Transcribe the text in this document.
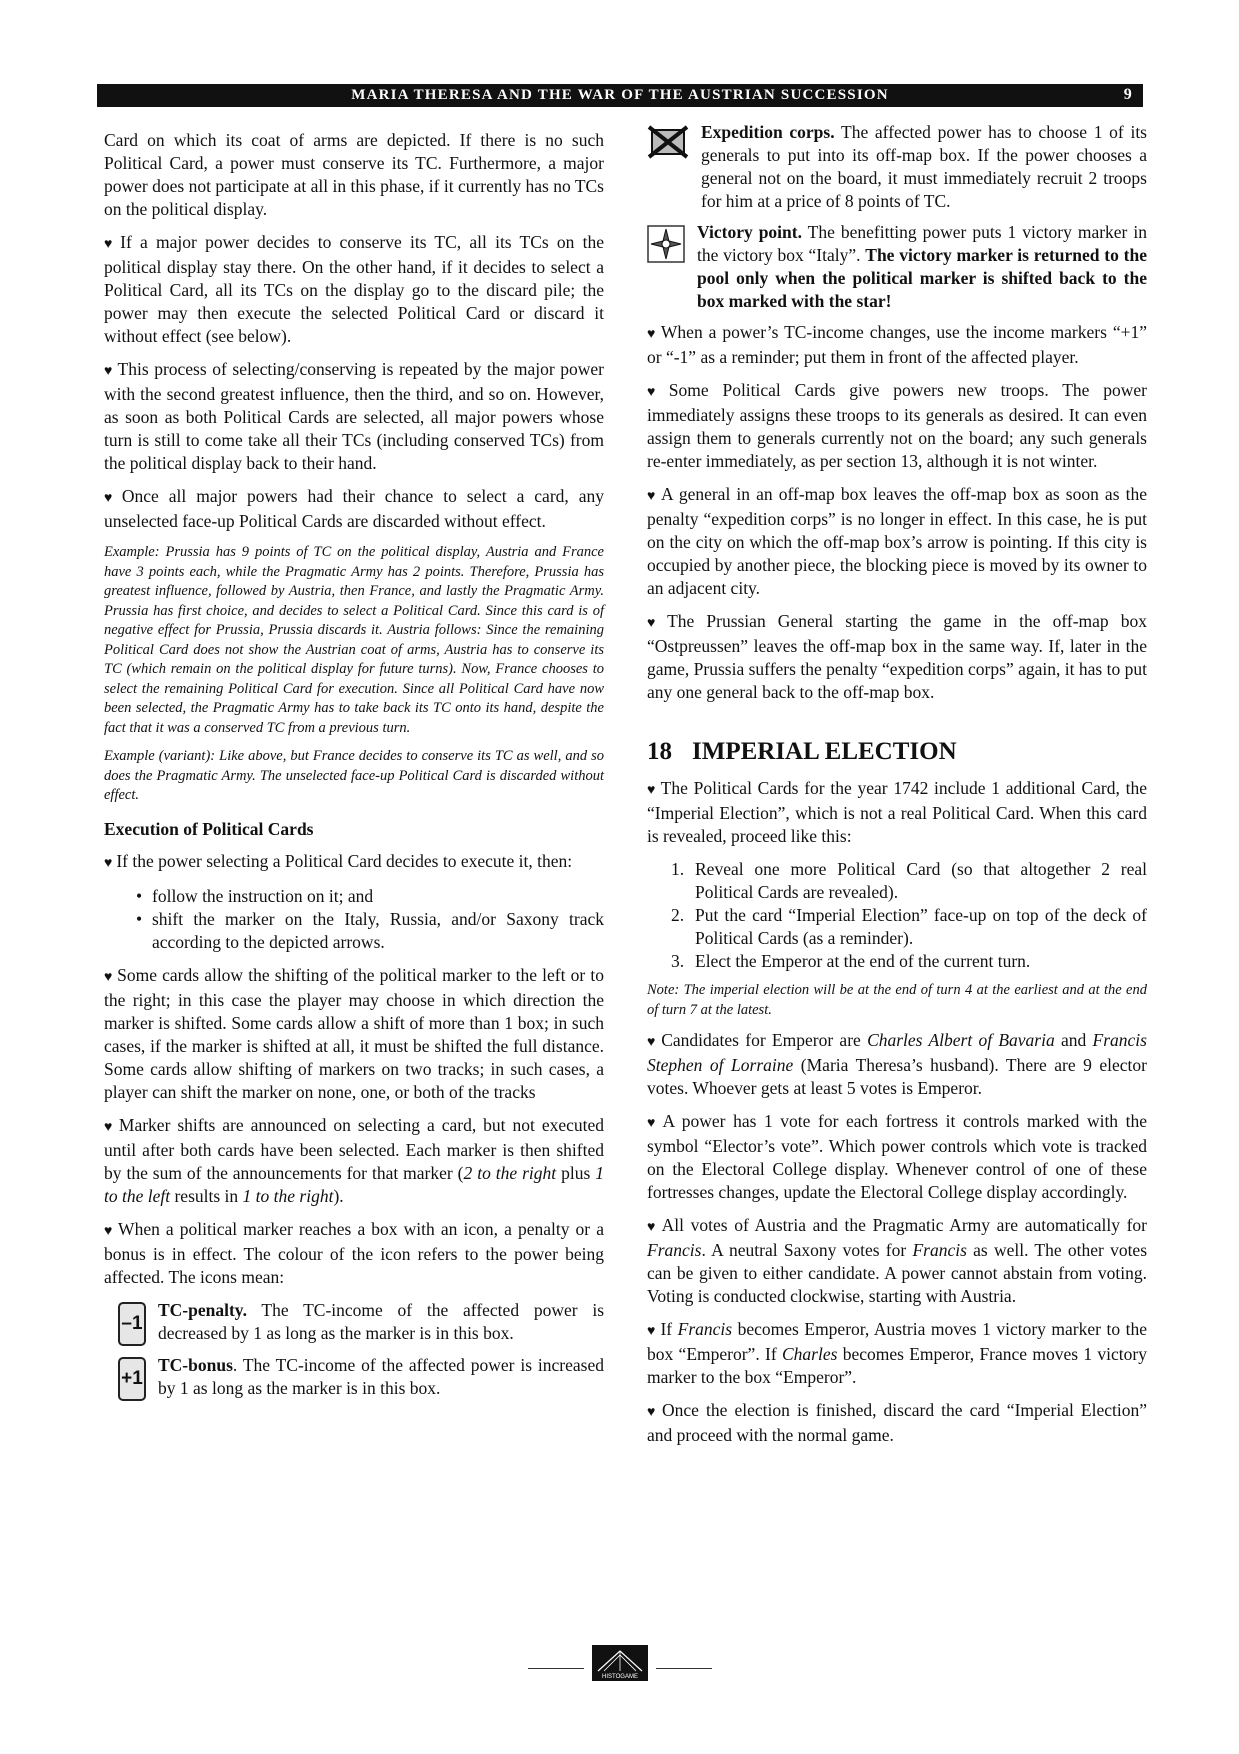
MARIA THERESA AND THE WAR OF THE AUSTRIAN SUCCESSION	9

Card on which its coat of arms are depicted. If there is no such Political Card, a power must conserve its TC. Furthermore, a major power does not participate at all in this phase, if it currently has no TCs on the political display.

♥ If a major power decides to conserve its TC, all its TCs on the political display stay there. On the other hand, if it decides to select a Political Card, all its TCs on the display go to the discard pile; the power may then execute the selected Political Card or discard it without effect (see below).

♥ This process of selecting/conserving is repeated by the major power with the second greatest influence, then the third, and so on. However, as soon as both Political Cards are selected, all major powers whose turn is still to come take all their TCs (including conserved TCs) from the political display back to their hand.

♥ Once all major powers had their chance to select a card, any unselected face-up Political Cards are discarded without effect.

Example: Prussia has 9 points of TC on the political display, Austria and France have 3 points each, while the Pragmatic Army has 2 points. Therefore, Prussia has greatest influence, followed by Austria, then France, and lastly the Pragmatic Army. Prussia has first choice, and decides to select a Political Card. Since this card is of negative effect for Prussia, Prussia discards it. Austria follows: Since the remaining Political Card does not show the Austrian coat of arms, Austria has to conserve its TC (which remain on the political display for future turns). Now, France chooses to select the remaining Political Card for execution. Since all Political Card have now been selected, the Pragmatic Army has to take back its TC onto its hand, despite the fact that it was a conserved TC from a previous turn.
Example (variant): Like above, but France decides to conserve its TC as well, and so does the Pragmatic Army. The unselected face-up Political Card is discarded without effect.
Execution of Political Cards

♥ If the power selecting a Political Card decides to execute it, then:

• follow the instruction on it; and
• shift the marker on the Italy, Russia, and/or Saxony track according to the depicted arrows.

♥ Some cards allow the shifting of the political marker to the left or to the right; in this case the player may choose in which direction the marker is shifted. Some cards allow a shift of more than 1 box; in such cases, if the marker is shifted at all, it must be shifted the full distance. Some cards allow shifting of markers on two tracks; in such cases, a player can shift the marker on none, one, or both of the tracks

♥ Marker shifts are announced on selecting a card, but not executed until after both cards have been selected. Each marker is then shifted by the sum of the announcements for that marker (2 to the right plus 1 to the left results in 1 to the right).

♥ When a political marker reaches a box with an icon, a penalty or a bonus is in effect. The colour of the icon refers to the power being affected. The icons mean:

–1
TC-penalty. The TC-income of the affected power is decreased by 1 as long as the marker is in this box.
+1
TC-bonus. The TC-income of the affected power is increased by 1 as long as the marker is in this box.
Expedition corps. The affected power has to choose 1 of its generals to put into its off-map box. If the power chooses a general not on the board, it must immediately recruit 2 troops for him at a price of 8 points of TC.
Victory point. The benefitting power puts 1 victory marker in the victory box “Italy”. The victory marker is returned to the pool only when the political marker is shifted back to the box marked with the star!

♥ When a power’s TC-income changes, use the income markers “+1” or “-1” as a reminder; put them in front of the affected player.

♥ Some Political Cards give powers new troops. The power immediately assigns these troops to its generals as desired. It can even assign them to generals currently not on the board; any such generals re-enter immediately, as per section 13, although it is not winter.

♥ A general in an off-map box leaves the off-map box as soon as the penalty “expedition corps” is no longer in effect. In this case, he is put on the city on which the off-map box’s arrow is pointing. If this city is occupied by another piece, the blocking piece is moved by its owner to an adjacent city.

♥ The Prussian General starting the game in the off-map box “Ostpreussen” leaves the off-map box in the same way. If, later in the game, Prussia suffers the penalty “expedition corps” again, it has to put any one general back to the off-map box.

18 IMPERIAL ELECTION

♥ The Political Cards for the year 1742 include 1 additional Card, the “Imperial Election”, which is not a real Political Card. When this card is revealed, proceed like this:

1. Reveal one more Political Card (so that altogether 2 real Political Cards are revealed).
2. Put the card “Imperial Election” face-up on top of the deck of Political Cards (as a reminder).
3. Elect the Emperor at the end of the current turn.
Note: The imperial election will be at the end of turn 4 at the earliest and at the end of turn 7 at the latest.

♥ Candidates for Emperor are Charles Albert of Bavaria and Francis Stephen of Lorraine (Maria Theresa’s husband). There are 9 elector votes. Whoever gets at least 5 votes is Emperor.

♥ A power has 1 vote for each fortress it controls marked with the symbol “Elector’s vote”. Which power controls which vote is tracked on the Electoral College display. Whenever control of one of these fortresses changes, update the Electoral College display accordingly.

♥ All votes of Austria and the Pragmatic Army are automatically for Francis. A neutral Saxony votes for Francis as well. The other votes can be given to either candidate. A power cannot abstain from voting. Voting is conducted clockwise, starting with Austria.

♥ If Francis becomes Emperor, Austria moves 1 victory marker to the box “Emperor”. If Charles becomes Emperor, France moves 1 victory marker to the box “Emperor”.

♥ Once the election is finished, discard the card “Imperial Election” and proceed with the normal game.

HISTOGAME
